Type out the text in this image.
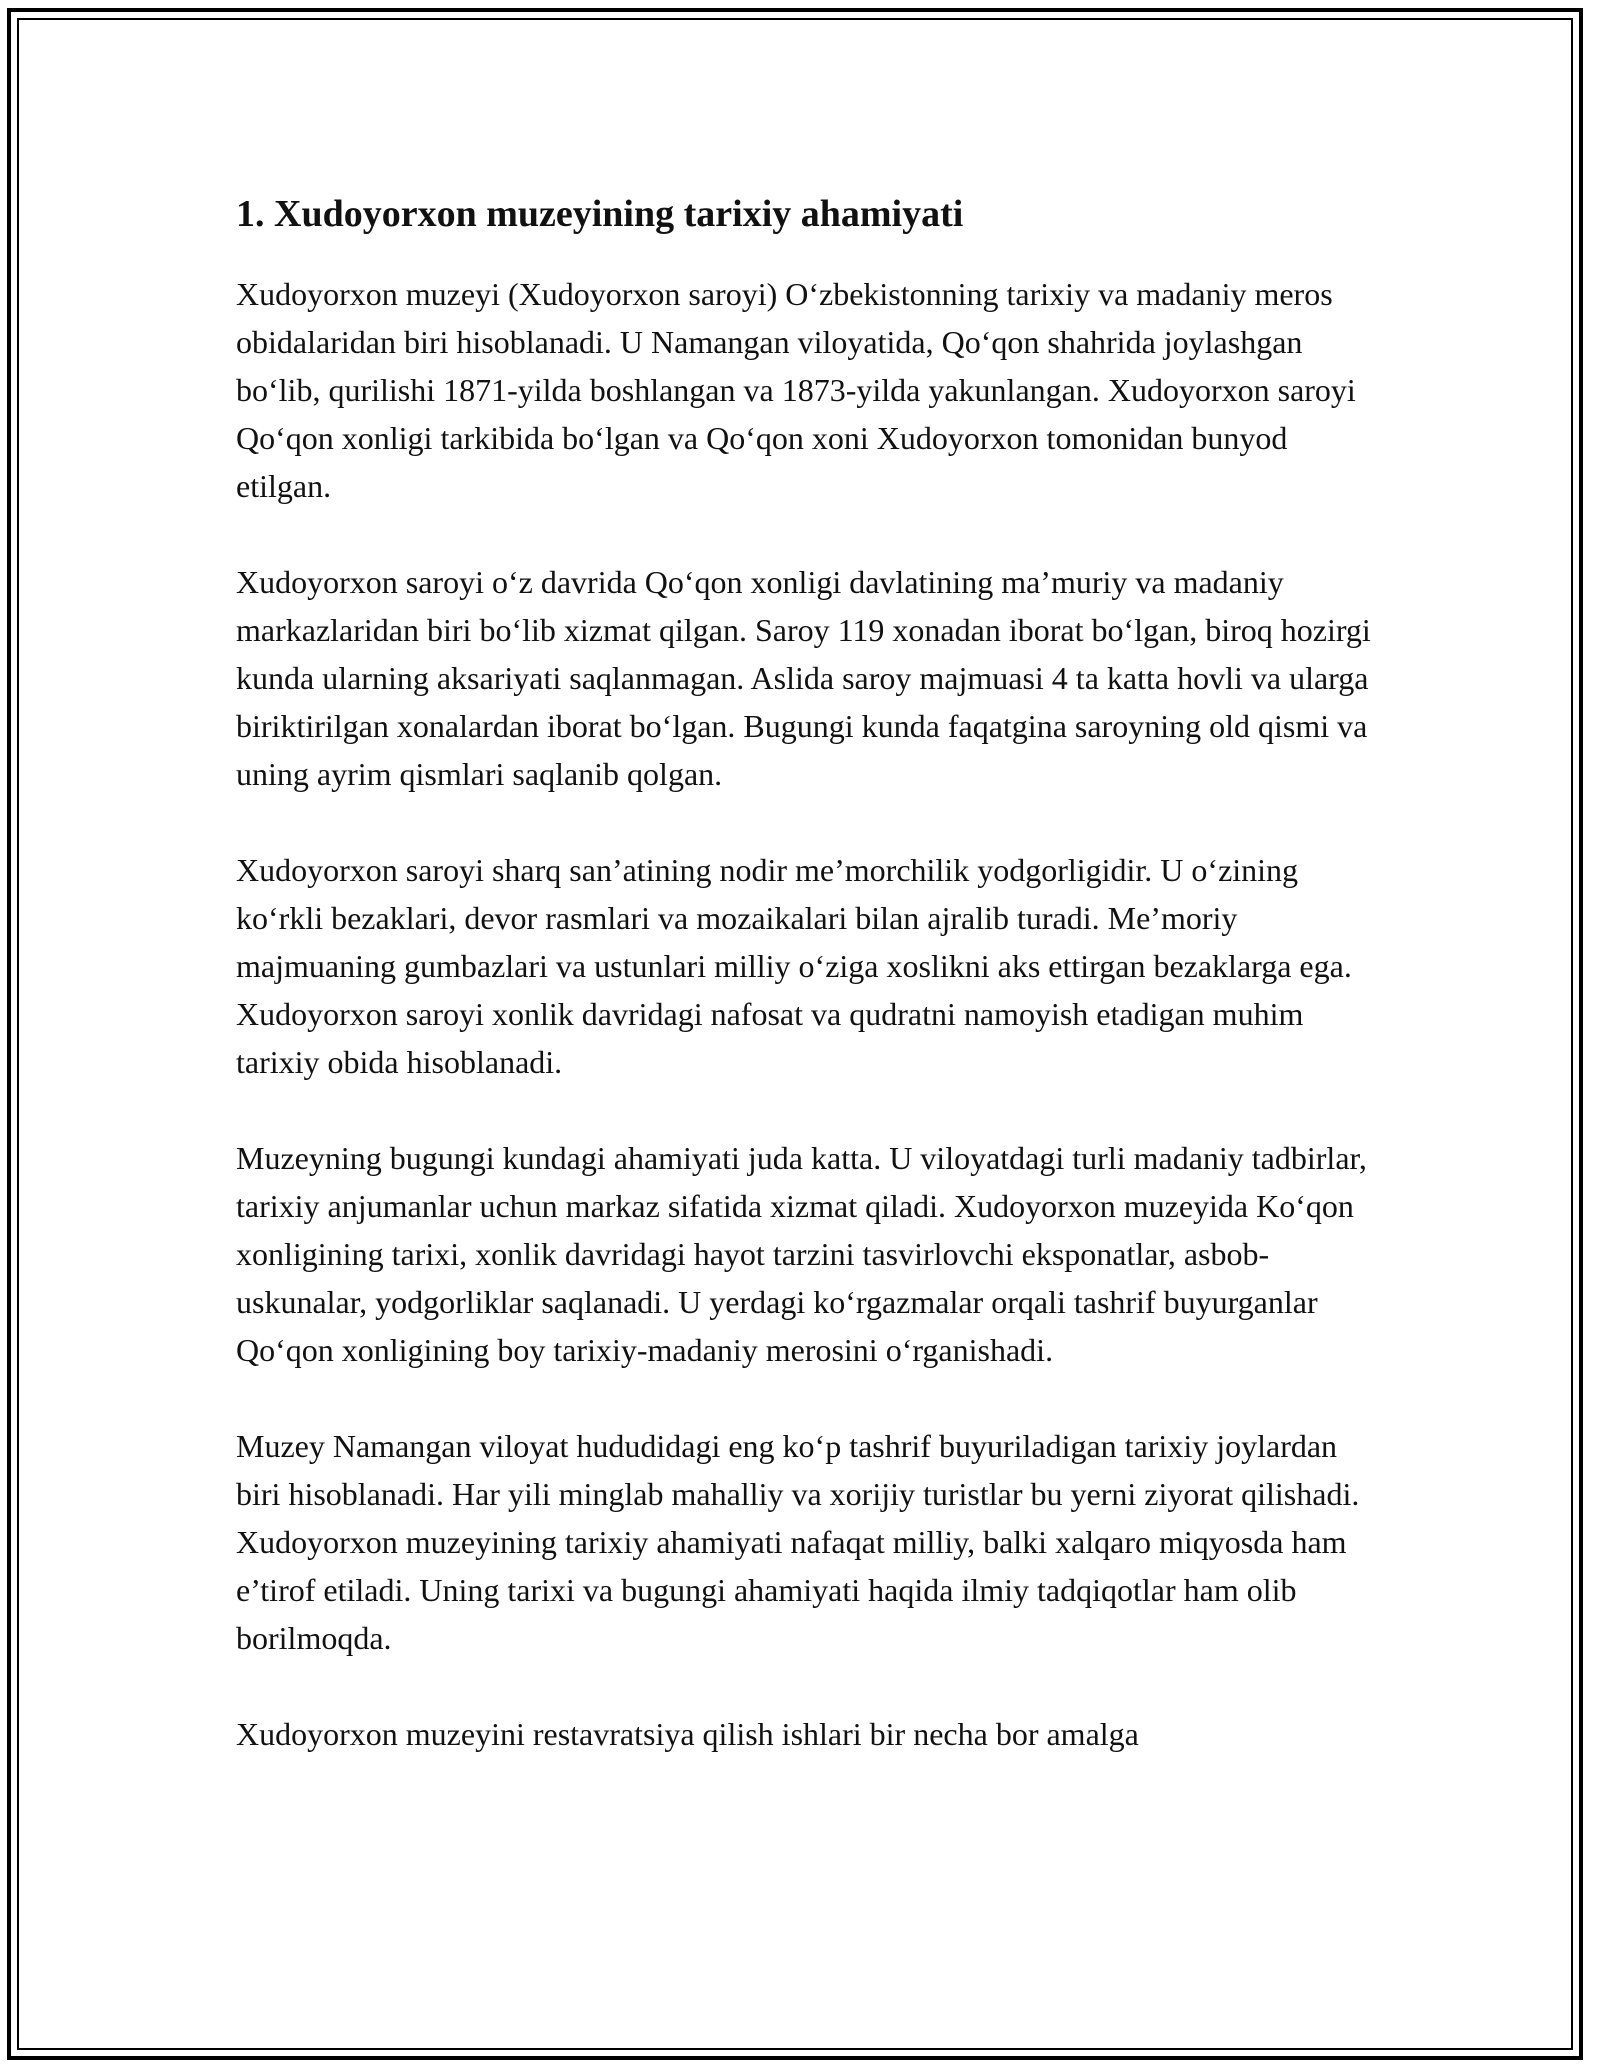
1. Xudoyorxon muzeyining tarixiy ahamiyati

Xudoyorxon muzeyi (Xudoyorxon saroyi) O‘zbekistonning tarixiy va madaniy meros obidalaridan biri hisoblanadi. U Namangan viloyatida, Qo‘qon shahrida joylashgan bo‘lib, qurilishi 1871-yilda boshlangan va 1873-yilda yakunlangan. Xudoyorxon saroyi Qo‘qon xonligi tarkibida bo‘lgan va Qo‘qon xoni Xudoyorxon tomonidan bunyod etilgan.

Xudoyorxon saroyi o‘z davrida Qo‘qon xonligi davlatining ma’muriy va madaniy markazlaridan biri bo‘lib xizmat qilgan. Saroy 119 xonadan iborat bo‘lgan, biroq hozirgi kunda ularning aksariyati saqlanmagan. Aslida saroy majmuasi 4 ta katta hovli va ularga biriktirilgan xonalardan iborat bo‘lgan. Bugungi kunda faqatgina saroyning old qismi va uning ayrim qismlari saqlanib qolgan.

Xudoyorxon saroyi sharq san’atining nodir me’morchilik yodgorligidir. U o‘zining ko‘rkli bezaklari, devor rasmlari va mozaikalari bilan ajralib turadi. Me’moriy majmuaning gumbazlari va ustunlari milliy o‘ziga xoslikni aks ettirgan bezaklarga ega. Xudoyorxon saroyi xonlik davridagi nafosat va qudratni namoyish etadigan muhim tarixiy obida hisoblanadi.

Muzeyning bugungi kundagi ahamiyati juda katta. U viloyatdagi turli madaniy tadbirlar, tarixiy anjumanlar uchun markaz sifatida xizmat qiladi. Xudoyorxon muzeyida Ko‘qon xonligining tarixi, xonlik davridagi hayot tarzini tasvirlovchi eksponatlar, asbob-uskunalar, yodgorliklar saqlanadi. U yerdagi ko‘rgazmalar orqali tashrif buyurganlar Qo‘qon xonligining boy tarixiy-madaniy merosini o‘rganishadi.

Muzey Namangan viloyat hududidagi eng ko‘p tashrif buyuriladigan tarixiy joylardan biri hisoblanadi. Har yili minglab mahalliy va xorijiy turistlar bu yerni ziyorat qilishadi. Xudoyorxon muzeyining tarixiy ahamiyati nafaqat milliy, balki xalqaro miqyosda ham e’tirof etiladi. Uning tarixi va bugungi ahamiyati haqida ilmiy tadqiqotlar ham olib borilmoqda.

Xudoyorxon muzeyini restavratsiya qilish ishlari bir necha bor amalga
